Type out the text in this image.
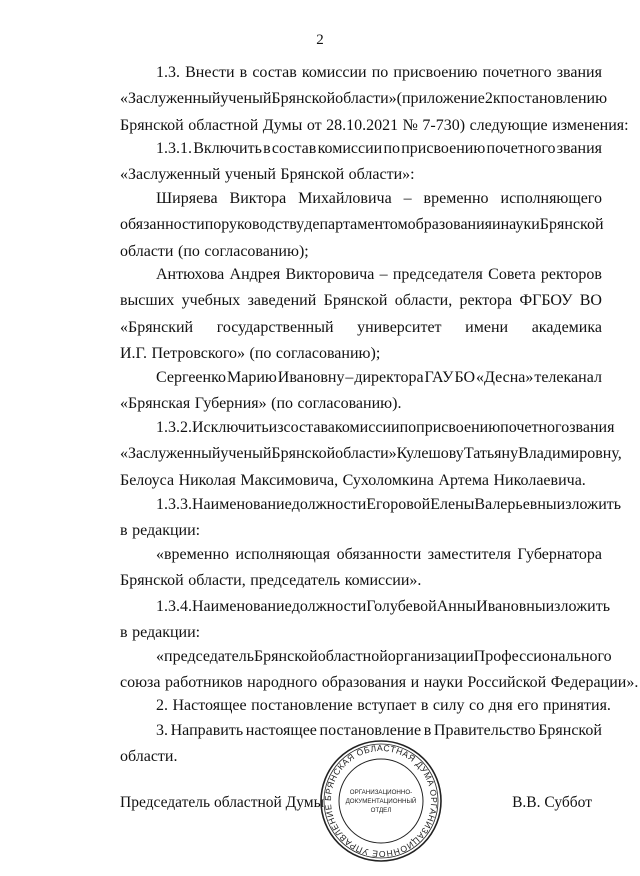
2
1.3. Внести в состав комиссии по присвоению почетного звания
«Заслуженный ученый Брянской области» (приложение 2 к постановлению
Брянской областной Думы от 28.10.2021 № 7-730) следующие изменения:
1.3.1. Включить в состав комиссии по присвоению почетного звания
«Заслуженный ученый Брянской области»:
Ширяева Виктора Михайловича – временно исполняющего
обязанности по руководству департаментом образования и науки Брянской
области (по согласованию);
Антюхова Андрея Викторовича – председателя Совета ректоров
высших учебных заведений Брянской области, ректора ФГБОУ ВО
«Брянский государственный университет имени академика
И.Г. Петровского» (по согласованию);
Сергеенко Марию Ивановну – директора ГАУ БО «Десна» телеканал
«Брянская Губерния» (по согласованию).
1.3.2. Исключить из состава комиссии по присвоению почетного звания
«Заслуженный ученый Брянской области» Кулешову Татьяну Владимировну,
Белоуса Николая Максимовича, Сухоломкина Артема Николаевича.
1.3.3. Наименование должности Егоровой Елены Валерьевны изложить
в редакции:
«временно исполняющая обязанности заместителя Губернатора
Брянской области, председатель комиссии».
1.3.4. Наименование должности Голубевой Анны Ивановны изложить
в редакции:
«председатель Брянской областной организации Профессионального
союза работников народного образования и науки Российской Федерации».
2. Настоящее постановление вступает в силу со дня его принятия.
3. Направить настоящее постановление в Правительство Брянской
области.
Председатель областной Думы	В.В. Суббот
БРЯНСКАЯ ОБЛАСТНАЯ ДУМА ОРГАНИЗАЦИОННОЕ УПРАВЛЕНИЕ
ОРГАНИЗАЦИОННО-
ДОКУМЕНТАЦИОННЫЙ
ОТДЕЛ
